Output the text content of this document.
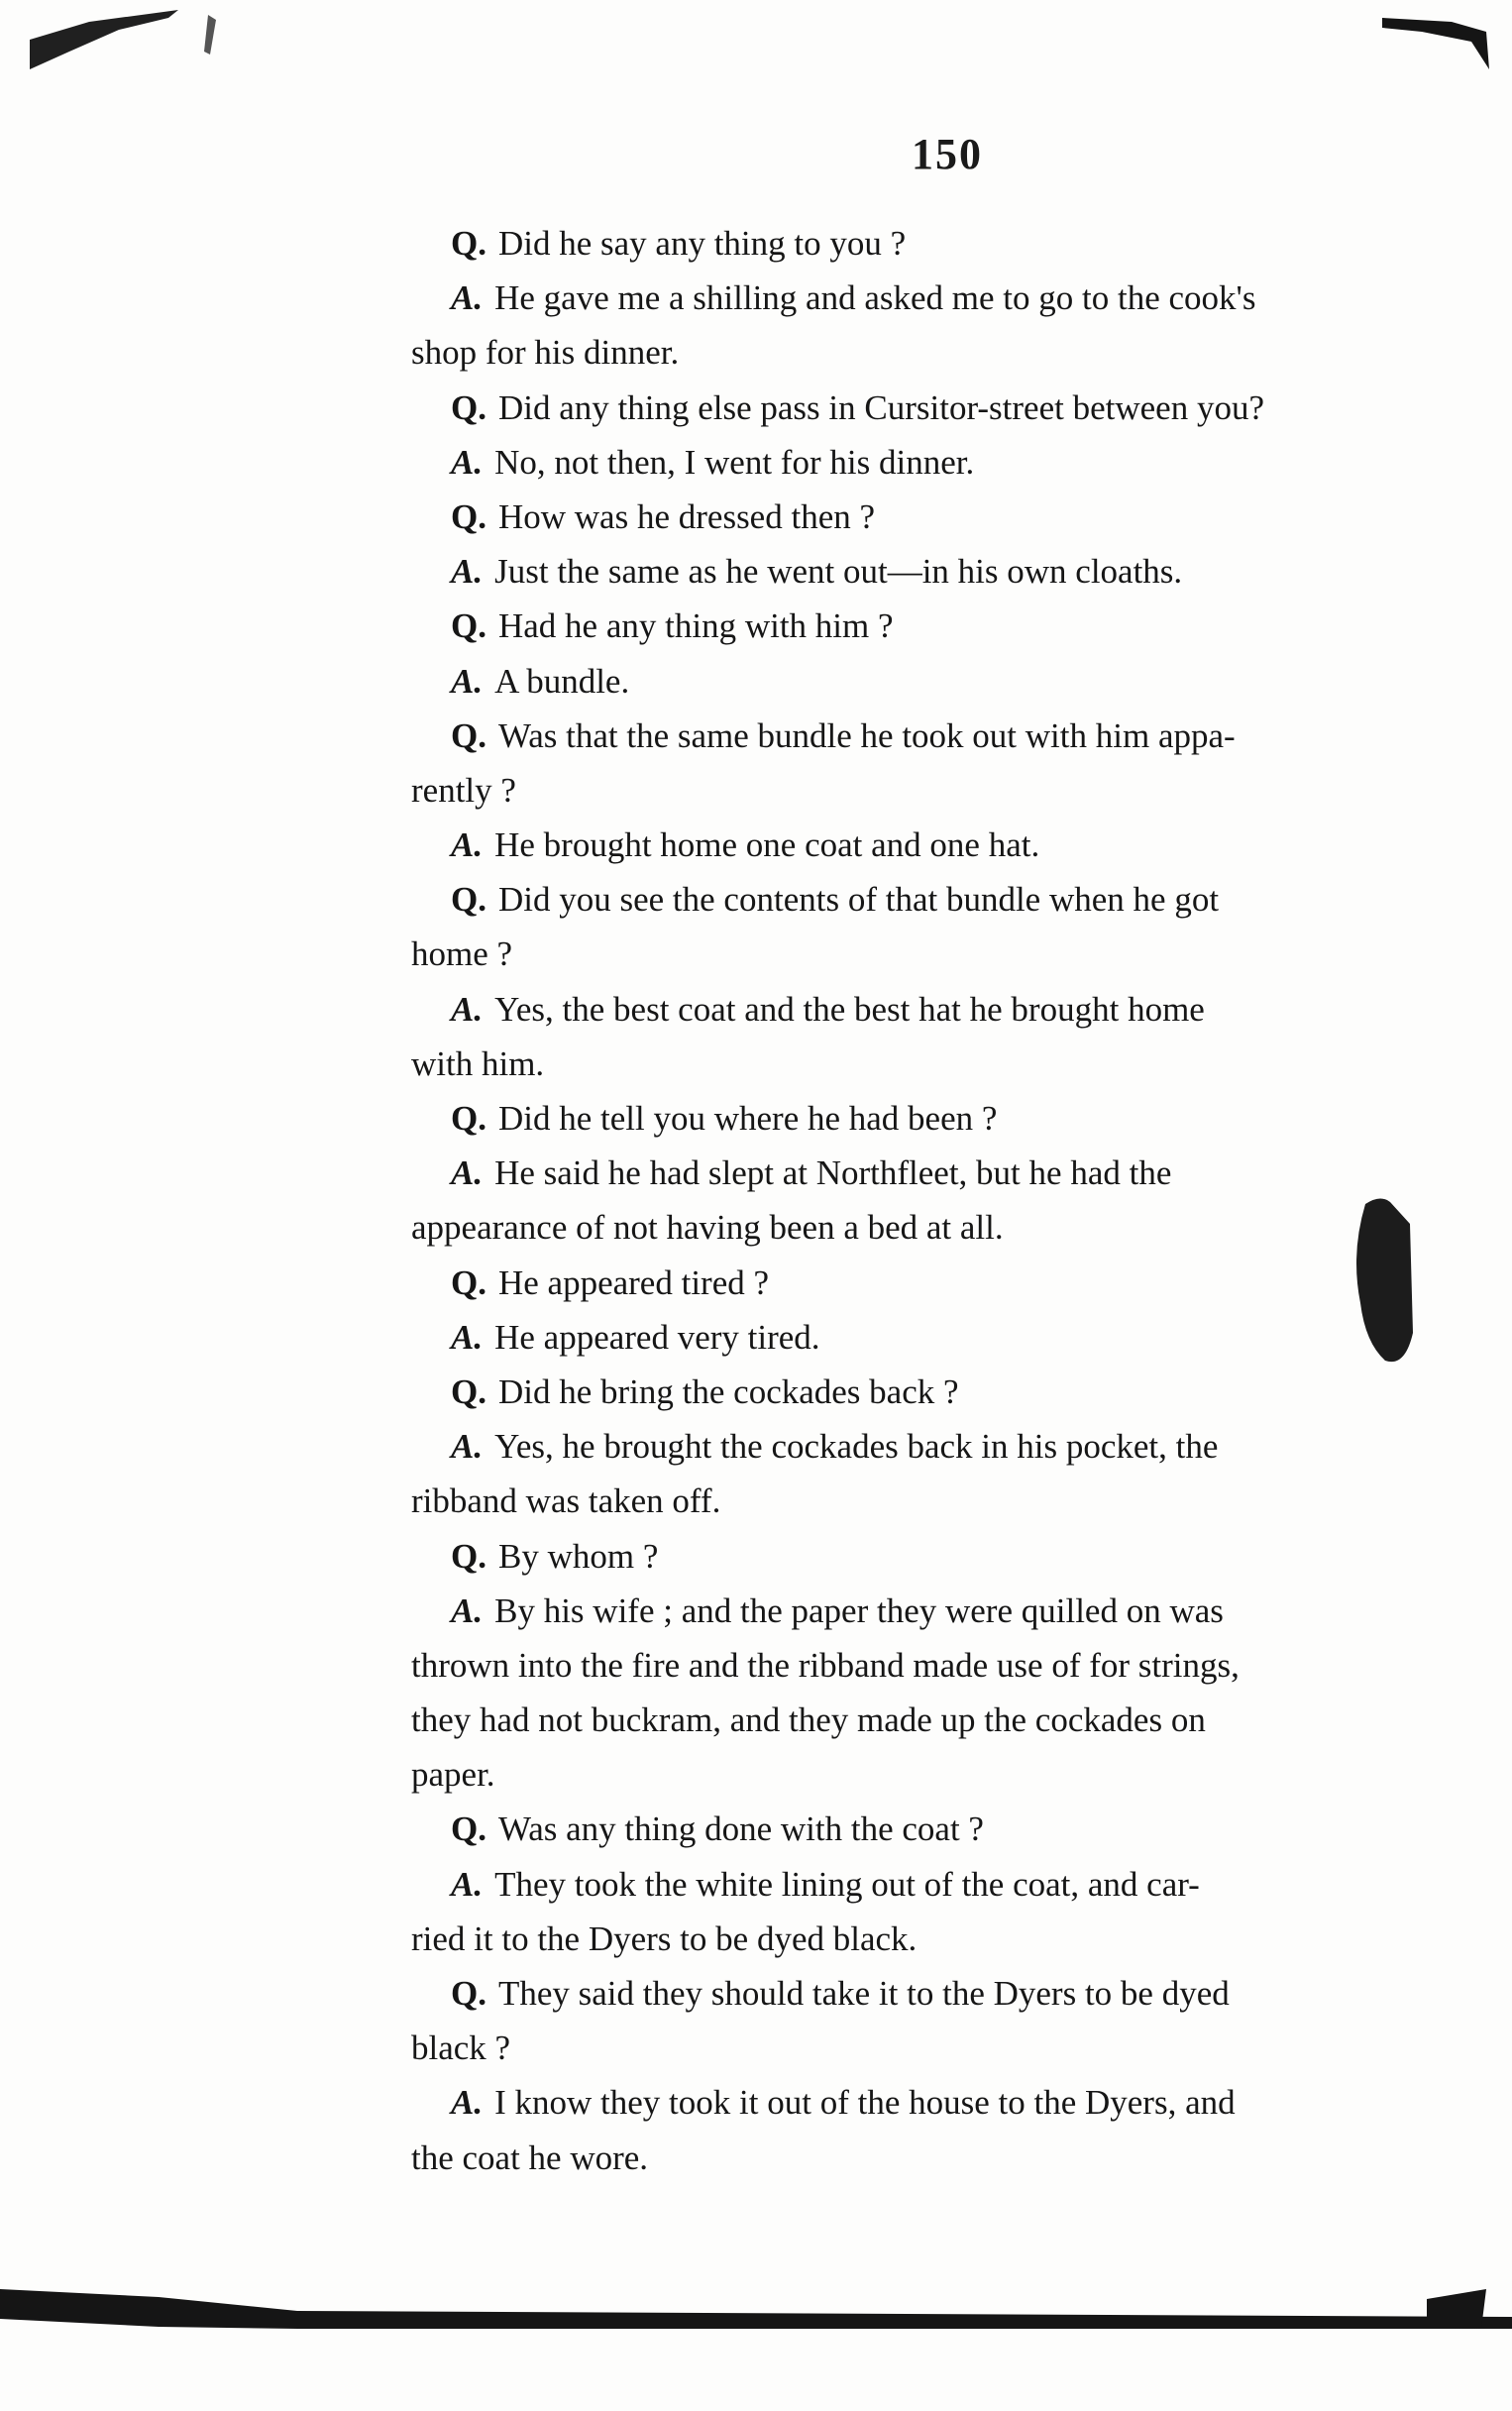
150
Q. Did he say any thing to you ?
A. He gave me a shilling and asked me to go to the cook's
shop for his dinner.
Q. Did any thing else pass in Cursitor-street between you?
A. No, not then, I went for his dinner.
Q. How was he dressed then ?
A. Just the same as he went out—in his own cloaths.
Q. Had he any thing with him ?
A. A bundle.
Q. Was that the same bundle he took out with him appa-
rently ?
A. He brought home one coat and one hat.
Q. Did you see the contents of that bundle when he got
home ?
A. Yes, the best coat and the best hat he brought home
with him.
Q. Did he tell you where he had been ?
A. He said he had slept at Northfleet, but he had the
appearance of not having been a bed at all.
Q. He appeared tired ?
A. He appeared very tired.
Q. Did he bring the cockades back ?
A. Yes, he brought the cockades back in his pocket, the
ribband was taken off.
Q. By whom ?
A. By his wife ; and the paper they were quilled on was
thrown into the fire and the ribband made use of for strings,
they had not buckram, and they made up the cockades on
paper.
Q. Was any thing done with the coat ?
A. They took the white lining out of the coat, and car-
ried it to the Dyers to be dyed black.
Q. They said they should take it to the Dyers to be dyed
black ?
A. I know they took it out of the house to the Dyers, and
the coat he wore.
